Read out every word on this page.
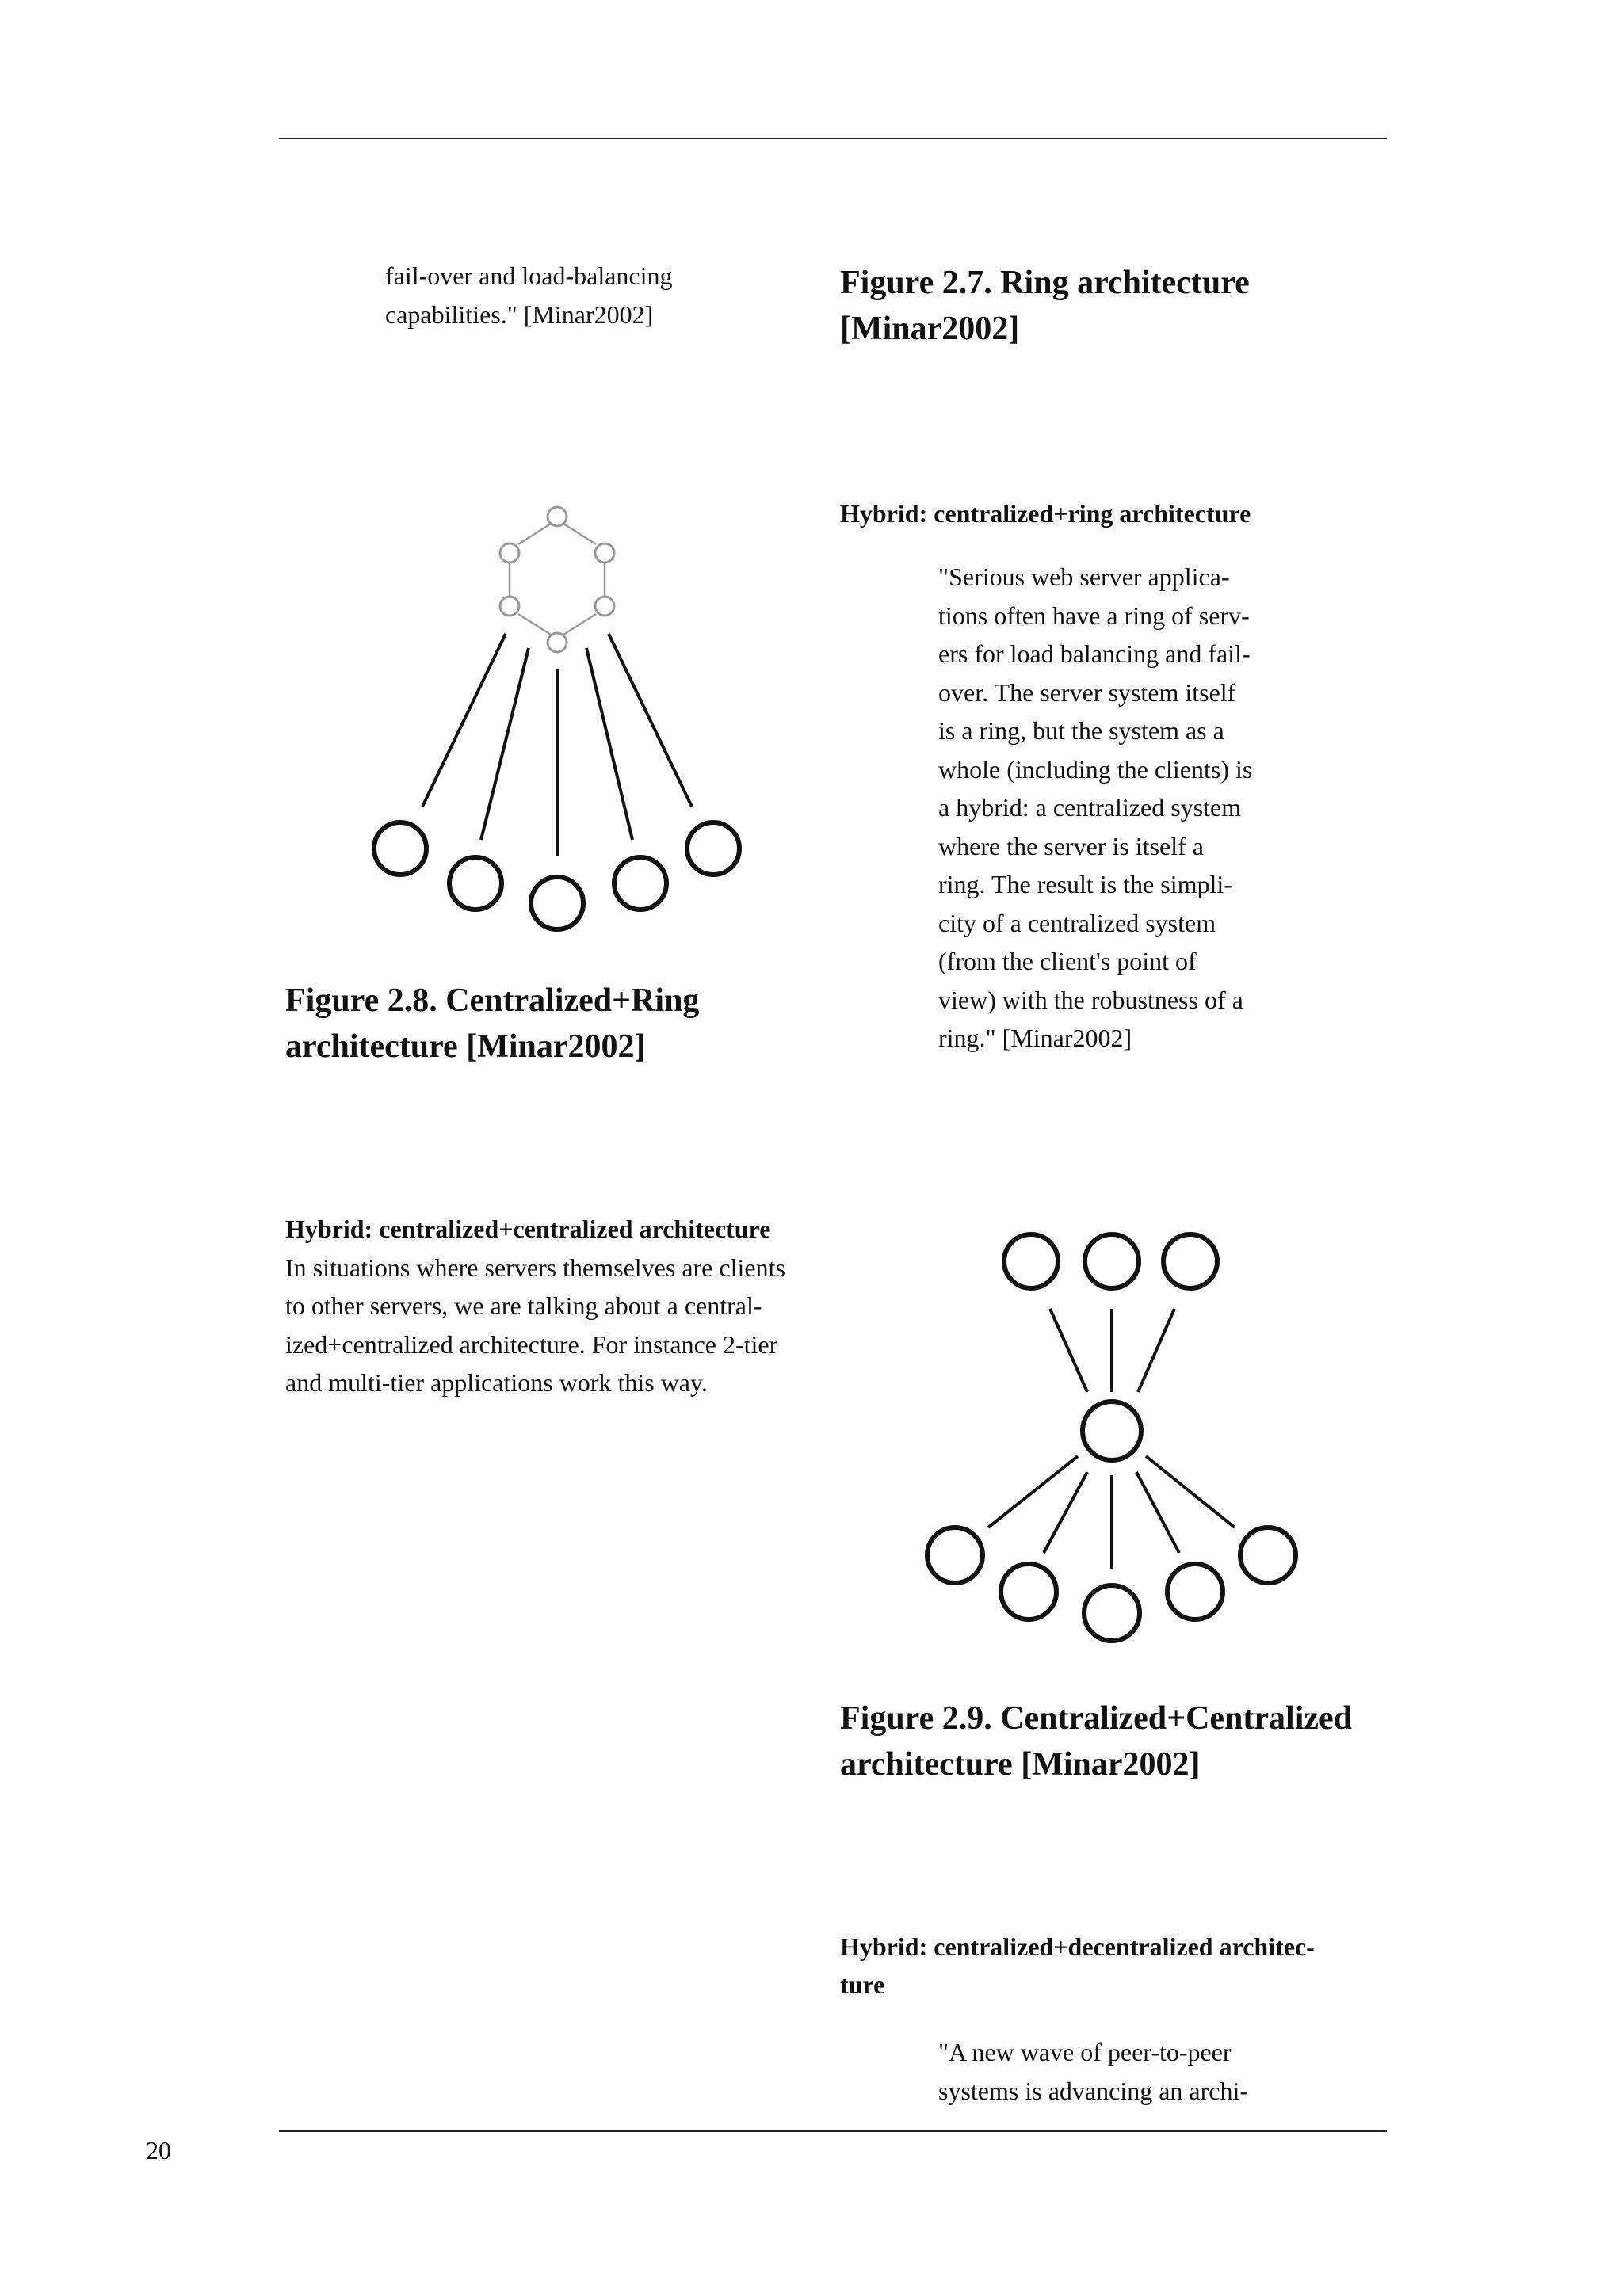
fail-over and load-balancing
capabilities." [Minar2002]
Figure 2.7. Ring architecture
[Minar2002]
Hybrid: centralized+ring architecture
"Serious web server applica-
tions often have a ring of serv-
ers for load balancing and fail-
over. The server system itself
is a ring, but the system as a
whole (including the clients) is
a hybrid: a centralized system
where the server is itself a
ring. The result is the simpli-
city of a centralized system
(from the client's point of
view) with the robustness of a
ring." [Minar2002]
Figure 2.8. Centralized+Ring
architecture [Minar2002]
Hybrid: centralized+centralized architecture
In situations where servers themselves are clients
to other servers, we are talking about a central-
ized+centralized architecture. For instance 2-tier
and multi-tier applications work this way.
Figure 2.9. Centralized+Centralized
architecture [Minar2002]
Hybrid: centralized+decentralized architec-
ture
"A new wave of peer-to-peer
systems is advancing an archi-
20
